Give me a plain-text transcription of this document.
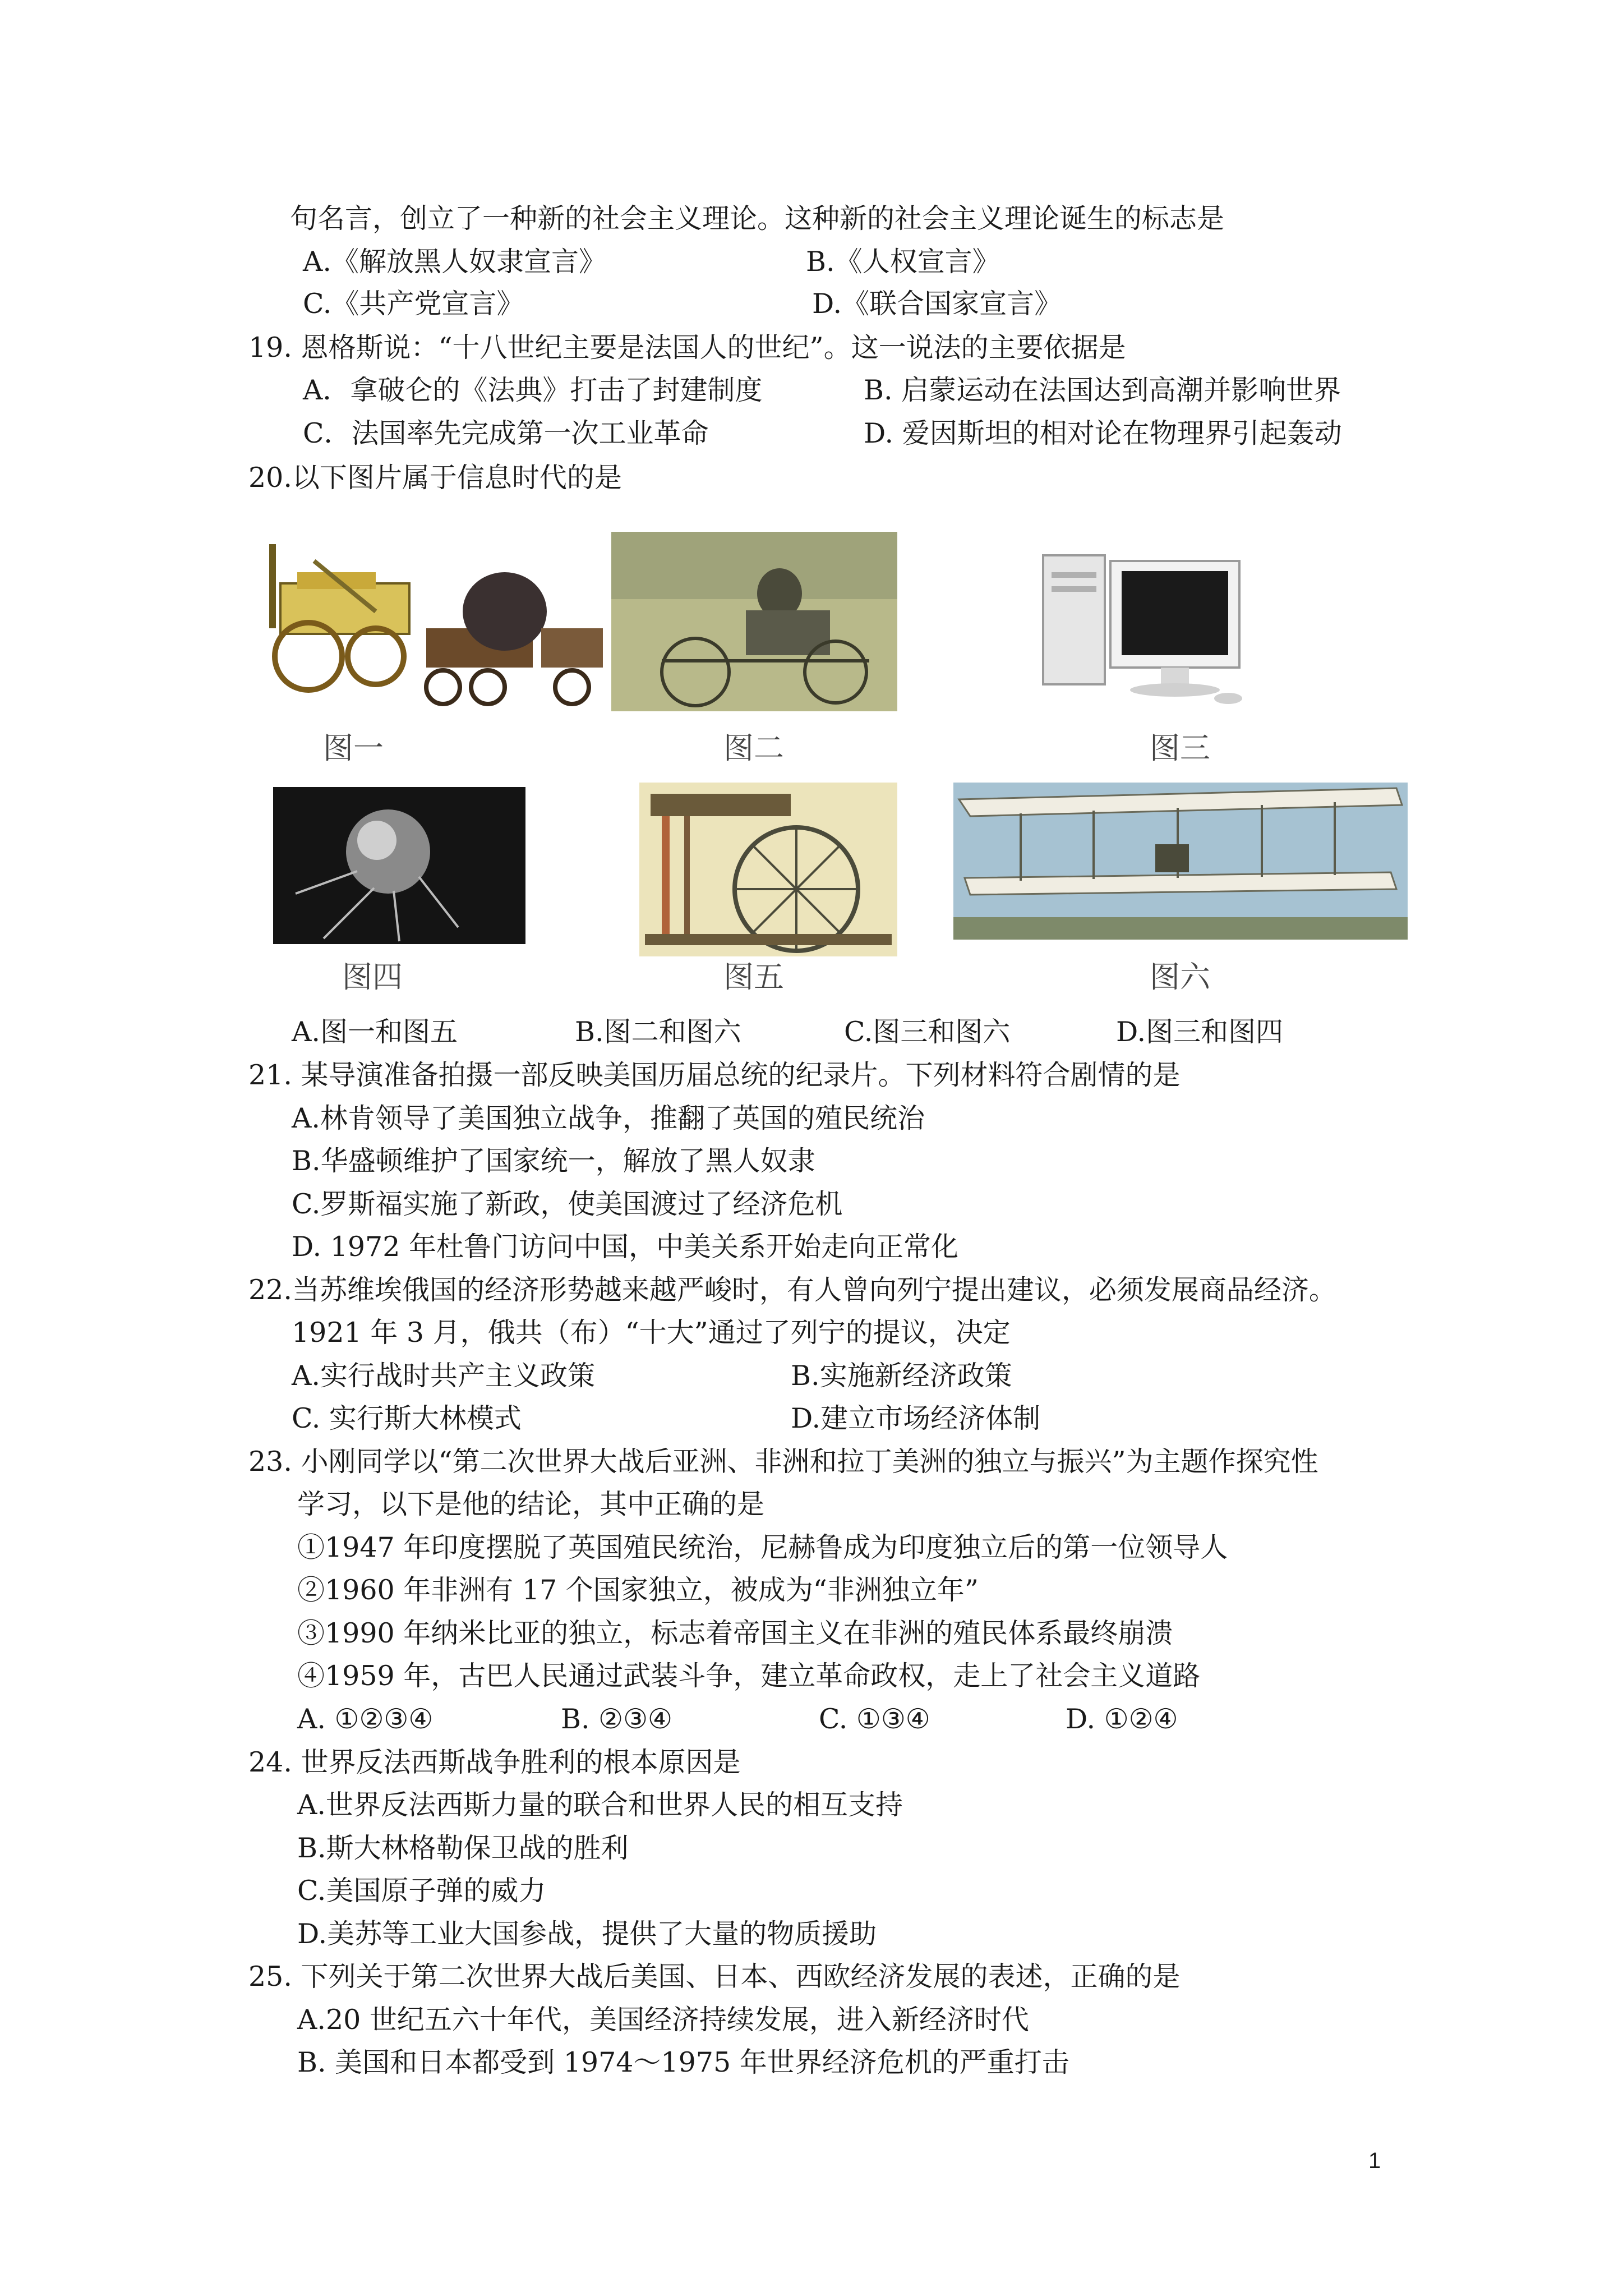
句名言，创立了一种新的社会主义理论。这种新的社会主义理论诞生的标志是
A.《解放黑人奴隶宣言》	B.《人权宣言》
C.《共产党宣言》	D.《联合国家宣言》
19. 恩格斯说：“十八世纪主要是法国人的世纪”。这一说法的主要依据是
A．拿破仑的《法典》打击了封建制度	B. 启蒙运动在法国达到高潮并影响世界
C．法国率先完成第一次工业革命	D. 爱因斯坦的相对论在物理界引起轰动
20.以下图片属于信息时代的是
图一	图二	图三
图四	图五	图六
A.图一和图五	B.图二和图六	C.图三和图六	D.图三和图四
21. 某导演准备拍摄一部反映美国历届总统的纪录片。下列材料符合剧情的是
A.林肯领导了美国独立战争，推翻了英国的殖民统治
B.华盛顿维护了国家统一，解放了黑人奴隶
C.罗斯福实施了新政，使美国渡过了经济危机
D. 1972 年杜鲁门访问中国，中美关系开始走向正常化
22.当苏维埃俄国的经济形势越来越严峻时，有人曾向列宁提出建议，必须发展商品经济。
1921 年 3 月，俄共（布）“十大”通过了列宁的提议，决定
A.实行战时共产主义政策	B.实施新经济政策
C. 实行斯大林模式	D.建立市场经济体制
23. 小刚同学以“第二次世界大战后亚洲、非洲和拉丁美洲的独立与振兴”为主题作探究性
学习，以下是他的结论，其中正确的是
①1947 年印度摆脱了英国殖民统治，尼赫鲁成为印度独立后的第一位领导人
②1960 年非洲有 17 个国家独立，被成为“非洲独立年”
③1990 年纳米比亚的独立，标志着帝国主义在非洲的殖民体系最终崩溃
④1959 年，古巴人民通过武装斗争，建立革命政权，走上了社会主义道路
A. ①②③④	B. ②③④	C. ①③④	D. ①②④
24. 世界反法西斯战争胜利的根本原因是
A.世界反法西斯力量的联合和世界人民的相互支持
B.斯大林格勒保卫战的胜利
C.美国原子弹的威力
D.美苏等工业大国参战，提供了大量的物质援助
25. 下列关于第二次世界大战后美国、日本、西欧经济发展的表述，正确的是
A.20 世纪五六十年代，美国经济持续发展，进入新经济时代
B. 美国和日本都受到 1974～1975 年世界经济危机的严重打击
1
